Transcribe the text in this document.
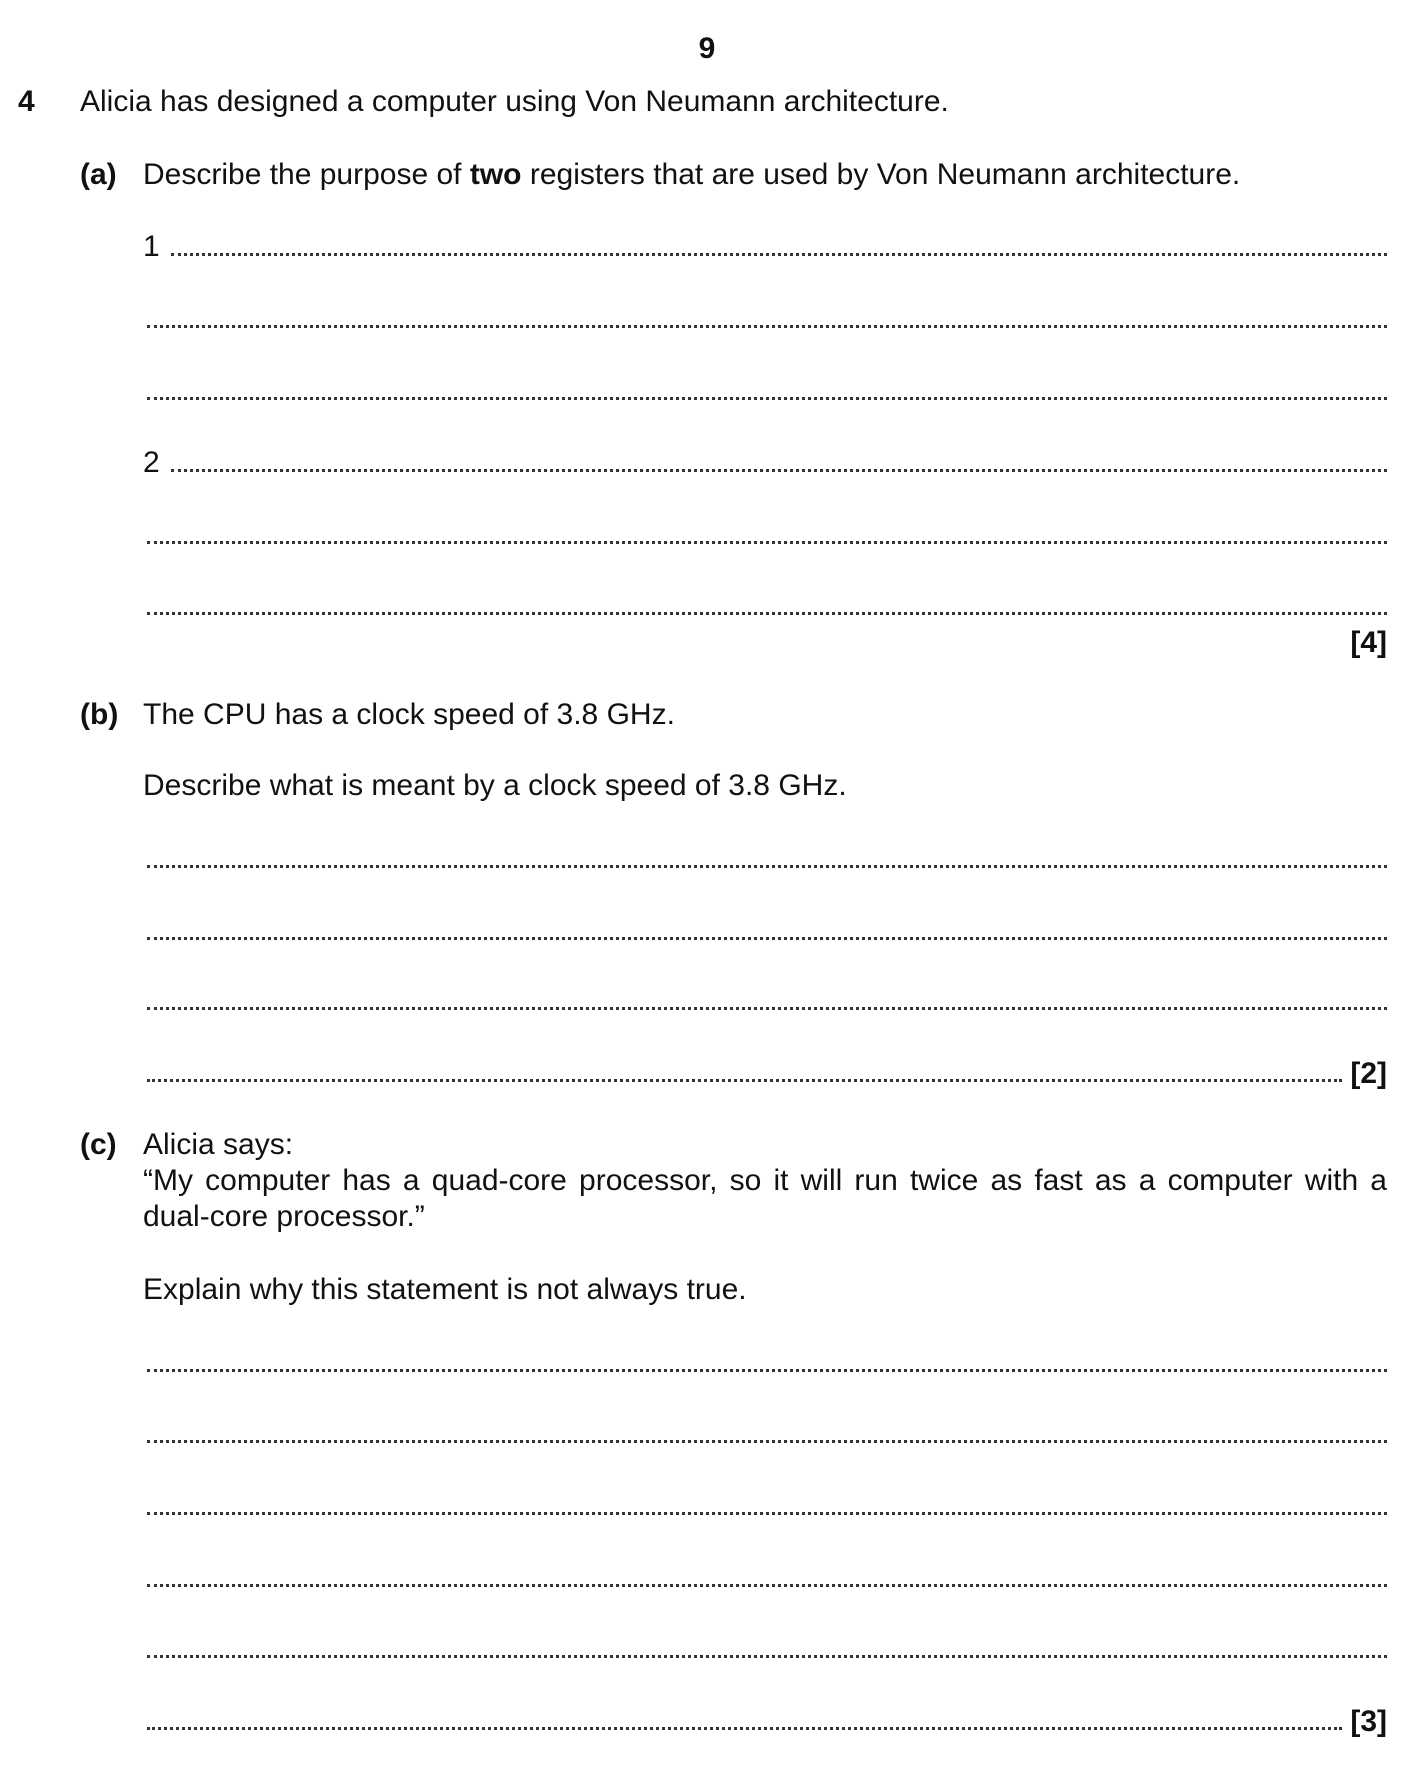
9
4 Alicia has designed a computer using Von Neumann architecture.
(a) Describe the purpose of two registers that are used by Von Neumann architecture.
1
2
[4]
(b) The CPU has a clock speed of 3.8 GHz.
Describe what is meant by a clock speed of 3.8 GHz.
[2]
(c) Alicia says:
“My computer has a quad-core processor, so it will run twice as fast as a computer with a dual-core processor.”
Explain why this statement is not always true.
[3]
